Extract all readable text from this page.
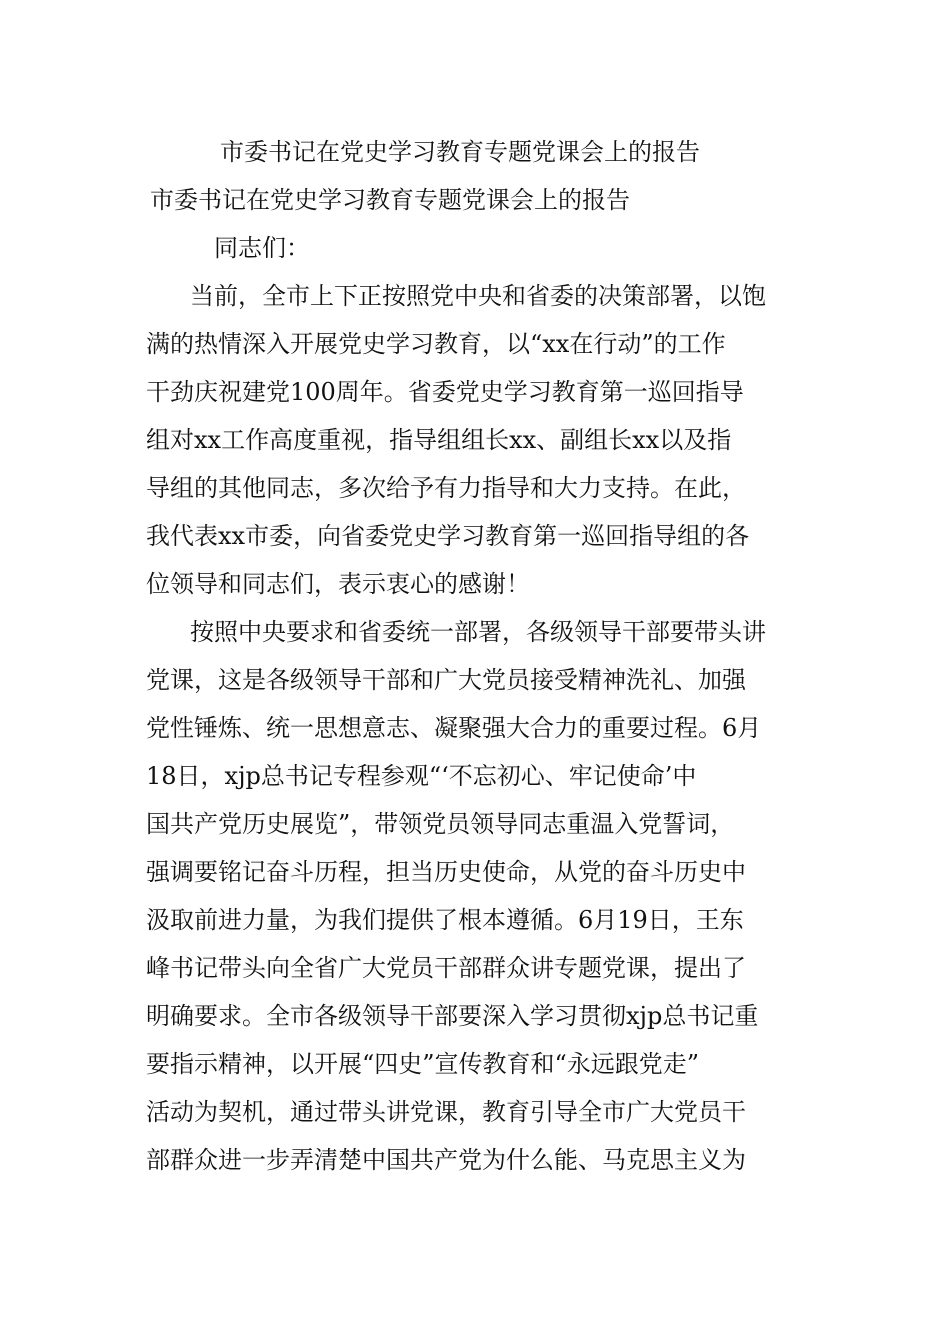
市委书记在党史学习教育专题党课会上的报告
市委书记在党史学习教育专题党课会上的报告

同志们：

当前，全市上下正按照党中央和省委的决策部署，以饱

满的热情深入开展党史学习教育，以“xx在行动”的工作

干劲庆祝建党100周年。省委党史学习教育第一巡回指导

组对xx工作高度重视，指导组组长xx、副组长xx以及指

导组的其他同志，多次给予有力指导和大力支持。在此，

我代表xx市委，向省委党史学习教育第一巡回指导组的各

位领导和同志们，表示衷心的感谢！

按照中央要求和省委统一部署，各级领导干部要带头讲

党课，这是各级领导干部和广大党员接受精神洗礼、加强

党性锤炼、统一思想意志、凝聚强大合力的重要过程。6月

18日，xjp总书记专程参观“‘不忘初心、牢记使命’中

国共产党历史展览”，带领党员领导同志重温入党誓词，

强调要铭记奋斗历程，担当历史使命，从党的奋斗历史中

汲取前进力量，为我们提供了根本遵循。6月19日，王东

峰书记带头向全省广大党员干部群众讲专题党课，提出了

明确要求。全市各级领导干部要深入学习贯彻xjp总书记重

要指示精神，以开展“四史”宣传教育和“永远跟党走”

活动为契机，通过带头讲党课，教育引导全市广大党员干

部群众进一步弄清楚中国共产党为什么能、马克思主义为
